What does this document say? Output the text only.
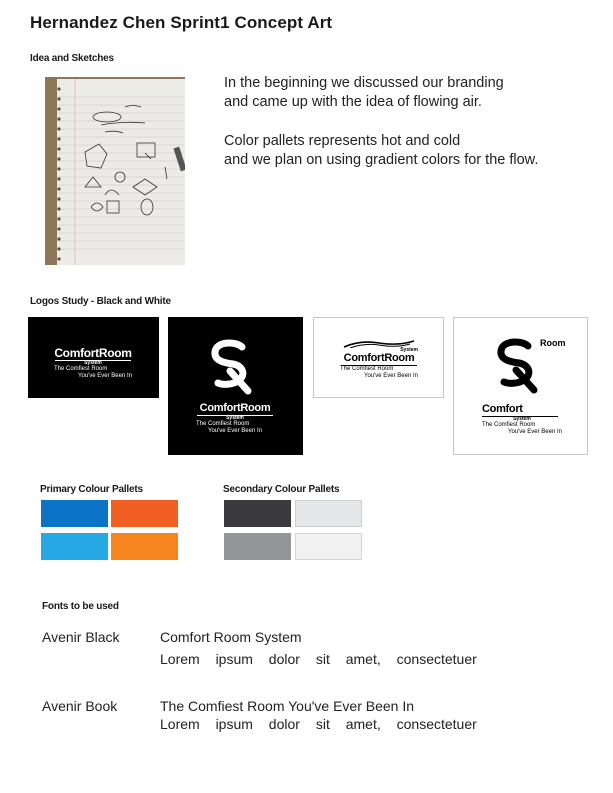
Hernandez Chen Sprint1 Concept Art
Idea and Sketches
In the beginning we discussed our branding
and came up with the idea of flowing air.
Color pallets represents hot and cold
and we plan on using gradient colors for the flow.
Logos Study - Black and White
ComfortRoom
System
The Comfiest Room
You've Ever Been In
ComfortRoom
System
The Comfiest Room
You've Ever Been In
System
ComfortRoom
The Comfiest Room
You've Ever Been In
Room
Comfort
System
The Comfiest Room
You've Ever Been In
Primary Colour Pallets	Secondary Colour Pallets
Fonts to be used
Avenir Black	Comfort Room System
Lorem ipsum dolor sit amet, consectetuer
Avenir Book	The Comfiest Room You've Ever Been In
Lorem ipsum dolor sit amet, consectetuer
